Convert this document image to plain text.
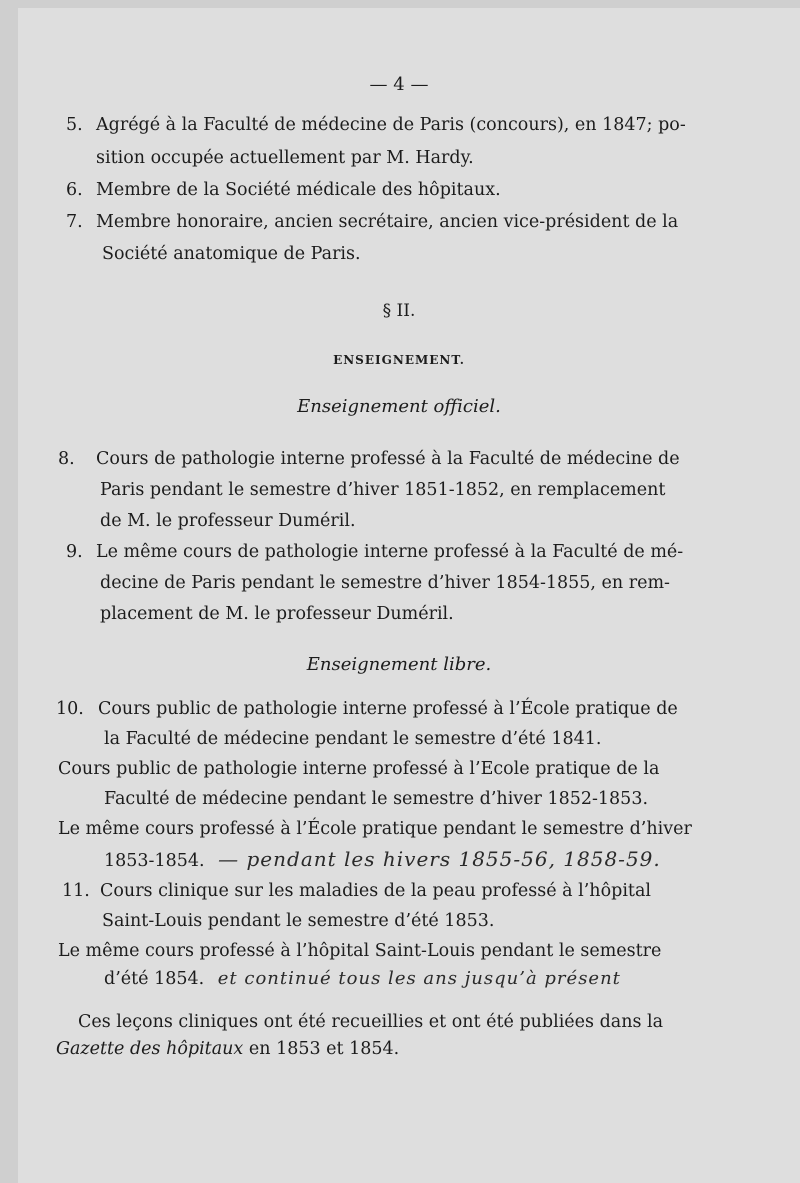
— 4 —
5. Agrégé à la Faculté de médecine de Paris (concours), en 1847; po-
sition occupée actuellement par M. Hardy.
6. Membre de la Société médicale des hôpitaux.
7. Membre honoraire, ancien secrétaire, ancien vice-président de la
Société anatomique de Paris.
§ II.
ENSEIGNEMENT.
Enseignement officiel.
8. Cours de pathologie interne professé à la Faculté de médecine de
Paris pendant le semestre d’hiver 1851-1852, en remplacement
de M. le professeur Duméril.
9. Le même cours de pathologie interne professé à la Faculté de mé-
decine de Paris pendant le semestre d’hiver 1854-1855, en rem-
placement de M. le professeur Duméril.
Enseignement libre.
10. Cours public de pathologie interne professé à l’École pratique de
la Faculté de médecine pendant le semestre d’été 1841.
Cours public de pathologie interne professé à l’Ecole pratique de la
Faculté de médecine pendant le semestre d’hiver 1852-1853.
Le même cours professé à l’École pratique pendant le semestre d’hiver
1853-1854. — pendant les hivers 1855-56, 1858-59.
11. Cours clinique sur les maladies de la peau professé à l’hôpital
Saint-Louis pendant le semestre d’été 1853.
Le même cours professé à l’hôpital Saint-Louis pendant le semestre
d’été 1854. et continué tous les ans jusqu’à présent
Ces leçons cliniques ont été recueillies et ont été publiées dans la
Gazette des hôpitaux en 1853 et 1854.
